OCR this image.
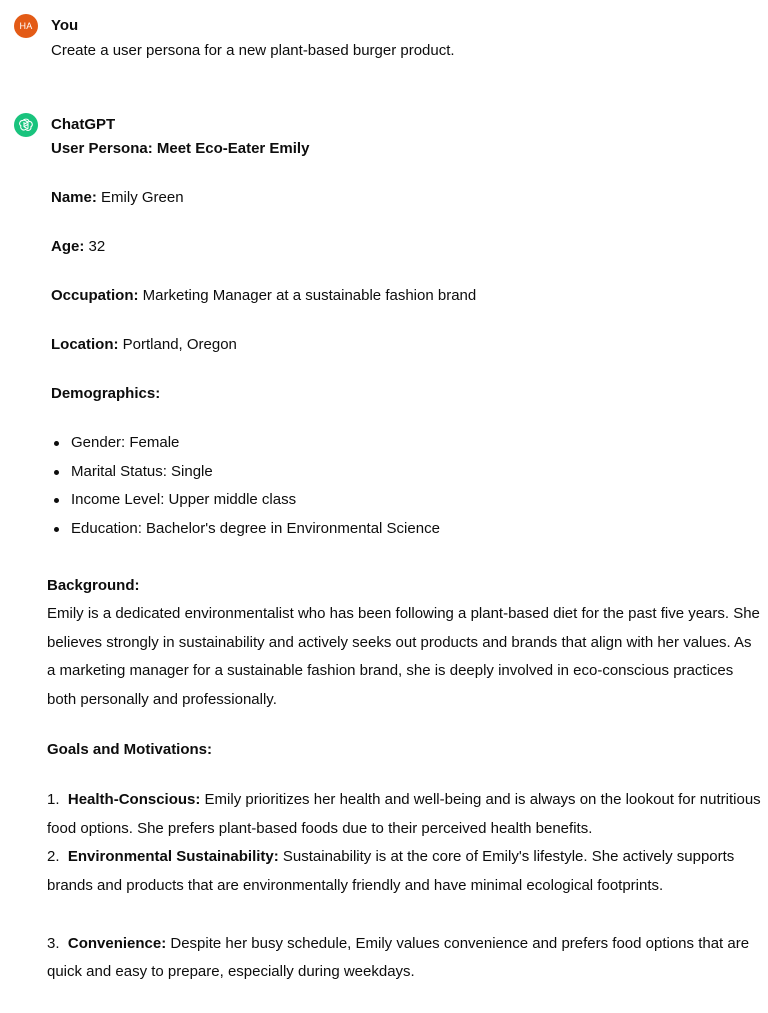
HA You

Create a user persona for a new plant-based burger product.

ChatGPT

User Persona: Meet Eco-Eater Emily

Name: Emily Green

Age: 32

Occupation: Marketing Manager at a sustainable fashion brand

Location: Portland, Oregon

Demographics:

Gender: Female
Marital Status: Single
Income Level: Upper middle class
Education: Bachelor's degree in Environmental Science

Background:

Emily is a dedicated environmentalist who has been following a plant-based diet for the past five years. She believes strongly in sustainability and actively seeks out products and brands that align with her values. As a marketing manager for a sustainable fashion brand, she is deeply involved in eco-conscious practices both personally and professionally.

Goals and Motivations:

1. Health-Conscious: Emily prioritizes her health and well-being and is always on the lookout for nutritious food options. She prefers plant-based foods due to their perceived health benefits.

2. Environmental Sustainability: Sustainability is at the core of Emily's lifestyle. She actively supports brands and products that are environmentally friendly and have minimal ecological footprints.

3. Convenience: Despite her busy schedule, Emily values convenience and prefers food options that are quick and easy to prepare, especially during weekdays.
